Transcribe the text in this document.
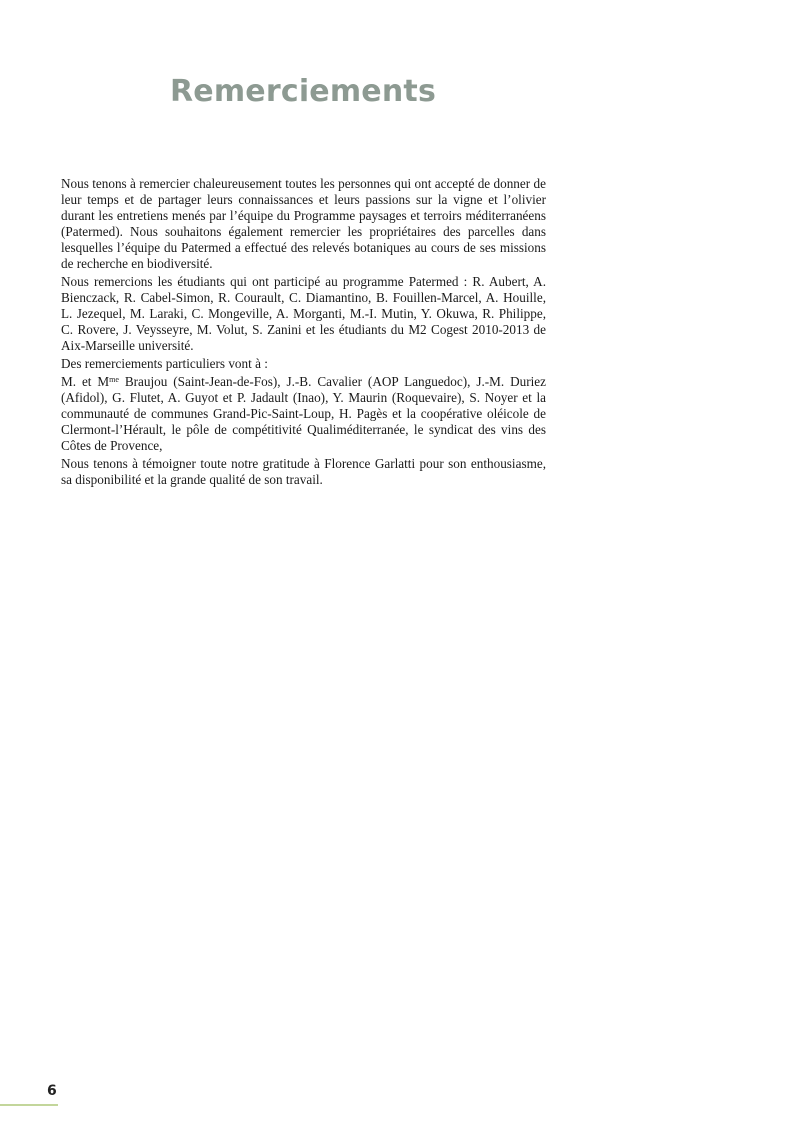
Remerciements

Nous tenons à remercier chaleureusement toutes les personnes qui ont accepté de donner de leur temps et de partager leurs connaissances et leurs passions sur la vigne et l’olivier durant les entretiens menés par l’équipe du Programme paysages et terroirs méditerranéens (Patermed). Nous souhaitons également remercier les propriétaires des parcelles dans lesquelles l’équipe du Patermed a effectué des relevés botaniques au cours de ses missions de recherche en biodiversité.

Nous remercions les étudiants qui ont participé au programme Patermed : R. Aubert, A. Bienczack, R. Cabel-Simon, R. Courault, C. Diamantino, B. Fouillen-Marcel, A. Houille, L. Jezequel, M. Laraki, C. Mongeville, A. Morganti, M.-I. Mutin, Y. Okuwa, R. Philippe, C. Rovere, J. Veysseyre, M. Volut, S. Zanini et les étudiants du M2 Cogest 2010-2013 de Aix-Marseille université.

Des remerciements particuliers vont à :

M. et $M^{me}$ Braujou (Saint-Jean-de-Fos), J.-B. Cavalier (AOP Languedoc), J.-M. Duriez (Afidol), G. Flutet, A. Guyot et P. Jadault (Inao), Y. Maurin (Roquevaire), S. Noyer et la communauté de communes Grand-Pic-Saint-Loup, H. Pagès et la coopérative oléicole de Clermont-l’Hérault, le pôle de compétitivité Qualiméditerranée, le syndicat des vins des Côtes de Provence,

Nous tenons à témoigner toute notre gratitude à Florence Garlatti pour son enthousiasme, sa disponibilité et la grande qualité de son travail.

6
